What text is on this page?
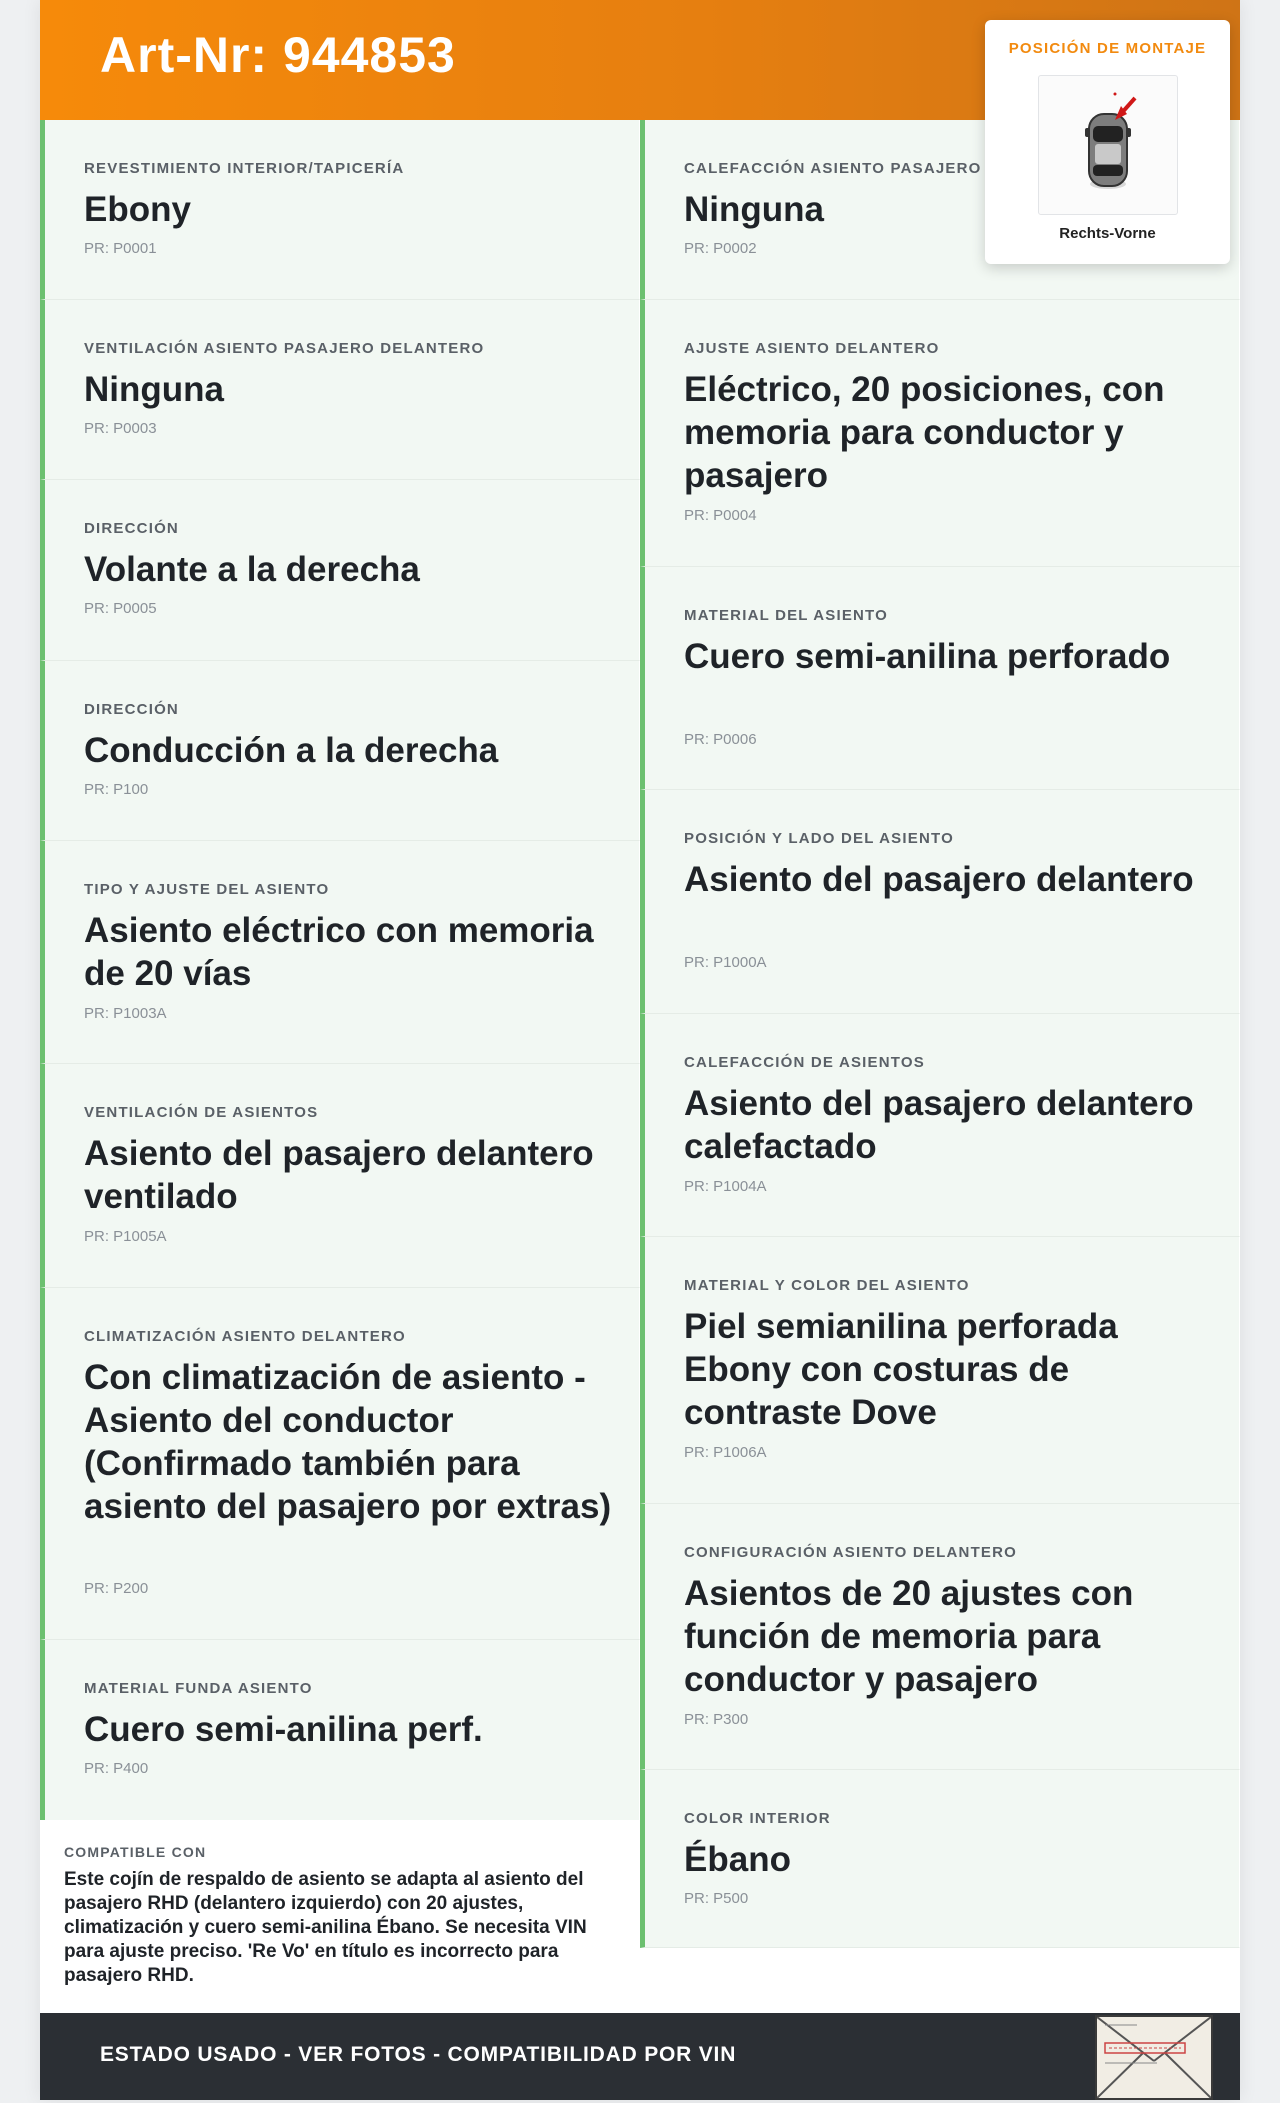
Art-Nr: 944853	POSICIÓN DE MONTAJE
Rechts-Vorne
REVESTIMIENTO INTERIOR/TAPICERÍA
Ebony
PR: P0001
VENTILACIÓN ASIENTO PASAJERO DELANTERO
Ninguna
PR: P0003
DIRECCIÓN
Volante a la derecha
PR: P0005
DIRECCIÓN
Conducción a la derecha
PR: P100
TIPO Y AJUSTE DEL ASIENTO
Asiento eléctrico con memoria de 20 vías
PR: P1003A
VENTILACIÓN DE ASIENTOS
Asiento del pasajero delantero ventilado
PR: P1005A
CLIMATIZACIÓN ASIENTO DELANTERO
Con climatización de asiento - Asiento del conductor (Confirmado también para asiento del pasajero por extras)
PR: P200
MATERIAL FUNDA ASIENTO
Cuero semi-anilina perf.
PR: P400
CALEFACCIÓN ASIENTO PASAJERO
Ninguna
PR: P0002
AJUSTE ASIENTO DELANTERO
Eléctrico, 20 posiciones, con memoria para conductor y pasajero
PR: P0004
MATERIAL DEL ASIENTO
Cuero semi-anilina perforado
PR: P0006
POSICIÓN Y LADO DEL ASIENTO
Asiento del pasajero delantero
PR: P1000A
CALEFACCIÓN DE ASIENTOS
Asiento del pasajero delantero calefactado
PR: P1004A
MATERIAL Y COLOR DEL ASIENTO
Piel semianilina perforada Ebony con costuras de contraste Dove
PR: P1006A
CONFIGURACIÓN ASIENTO DELANTERO
Asientos de 20 ajustes con función de memoria para conductor y pasajero
PR: P300
COLOR INTERIOR
Ébano
PR: P500
COMPATIBLE CON
Este cojín de respaldo de asiento se adapta al asiento del pasajero RHD (delantero izquierdo) con 20 ajustes, climatización y cuero semi-anilina Ébano. Se necesita VIN para ajuste preciso. 'Re Vo' en título es incorrecto para pasajero RHD.
ESTADO USADO - VER FOTOS - COMPATIBILIDAD POR VIN
